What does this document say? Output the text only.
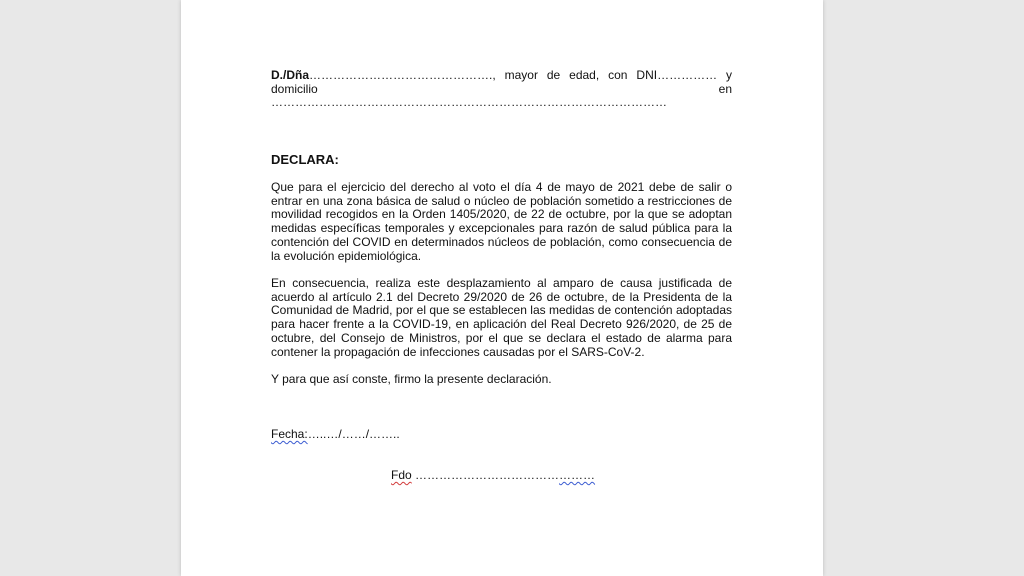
D./Dña………………………………………., mayor de edad, con DNI…………… y

domicilio en ………………………………………………………………………………………

DECLARA:

Que para el ejercicio del derecho al voto el día 4 de mayo de 2021 debe de salir o entrar en una zona básica de salud o núcleo de población sometido a restricciones de movilidad recogidos en la Orden 1405/2020, de 22 de octubre, por la que se adoptan medidas específicas temporales y excepcionales para razón de salud pública para la contención del COVID en determinados núcleos de población, como consecuencia de la evolución epidemiológica.

En consecuencia, realiza este desplazamiento al amparo de causa justificada de acuerdo al artículo 2.1 del Decreto 29/2020 de 26 de octubre, de la Presidenta de la Comunidad de Madrid, por el que se establecen las medidas de contención adoptadas para hacer frente a la COVID-19, en aplicación del Real Decreto 926/2020, de 25 de octubre, del Consejo de Ministros, por el que se declara el estado de alarma para contener la propagación de infecciones causadas por el SARS-CoV-2.

Y para que así conste, firmo la presente declaración.

Fecha:…..…/……/……..
Fdo ………………………………………
